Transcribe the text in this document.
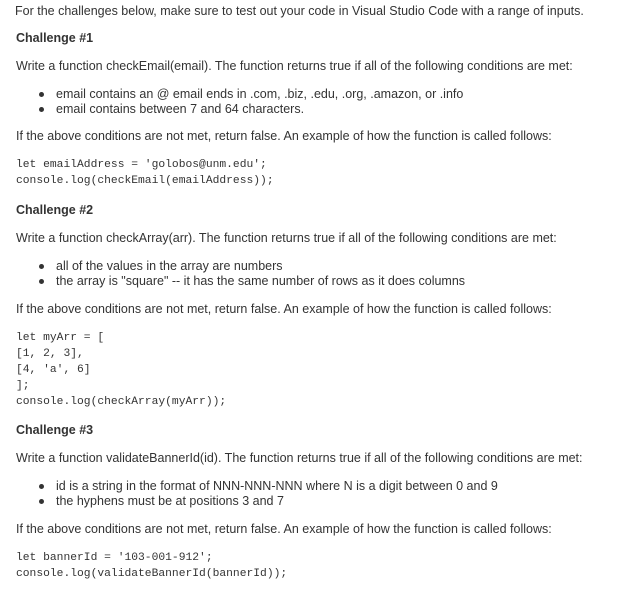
For the challenges below, make sure to test out your code in Visual Studio Code with a range of inputs.
Challenge #1
Write a function checkEmail(email). The function returns true if all of the following conditions are met:
email contains an @ email ends in .com, .biz, .edu, .org, .amazon, or .info
email contains between 7 and 64 characters.
If the above conditions are not met, return false. An example of how the function is called follows:
let emailAddress = 'golobos@unm.edu';
console.log(checkEmail(emailAddress));
Challenge #2
Write a function checkArray(arr). The function returns true if all of the following conditions are met:
all of the values in the array are numbers
the array is "square" -- it has the same number of rows as it does columns
If the above conditions are not met, return false. An example of how the function is called follows:
let myArr = [
[1, 2, 3],
[4, 'a', 6]
];
console.log(checkArray(myArr));
Challenge #3
Write a function validateBannerId(id). The function returns true if all of the following conditions are met:
id is a string in the format of NNN-NNN-NNN where N is a digit between 0 and 9
the hyphens must be at positions 3 and 7
If the above conditions are not met, return false. An example of how the function is called follows:
let bannerId = '103-001-912';
console.log(validateBannerId(bannerId));
